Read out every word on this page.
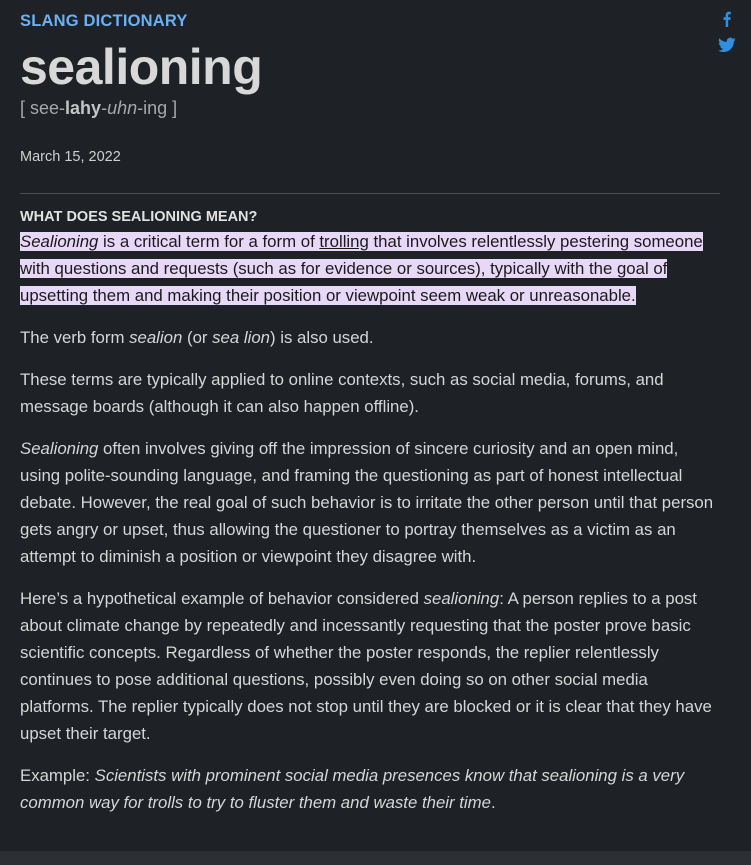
SLANG DICTIONARY
sealioning
[ see-lahy-uhn-ing ]
March 15, 2022
WHAT DOES SEALIONING MEAN?

Sealioning is a critical term for a form of trolling that involves relentlessly pestering someone with questions and requests (such as for evidence or sources), typically with the goal of upsetting them and making their position or viewpoint seem weak or unreasonable.

The verb form sealion (or sea lion) is also used.

These terms are typically applied to online contexts, such as social media, forums, and message boards (although it can also happen offline).

Sealioning often involves giving off the impression of sincere curiosity and an open mind, using polite-sounding language, and framing the questioning as part of honest intellectual debate. However, the real goal of such behavior is to irritate the other person until that person gets angry or upset, thus allowing the questioner to portray themselves as a victim as an attempt to diminish a position or viewpoint they disagree with.

Here’s a hypothetical example of behavior considered sealioning: A person replies to a post about climate change by repeatedly and incessantly requesting that the poster prove basic scientific concepts. Regardless of whether the poster responds, the replier relentlessly continues to pose additional questions, possibly even doing so on other social media platforms. The replier typically does not stop until they are blocked or it is clear that they have upset their target.

Example: Scientists with prominent social media presences know that sealioning is a very common way for trolls to try to fluster them and waste their time.
